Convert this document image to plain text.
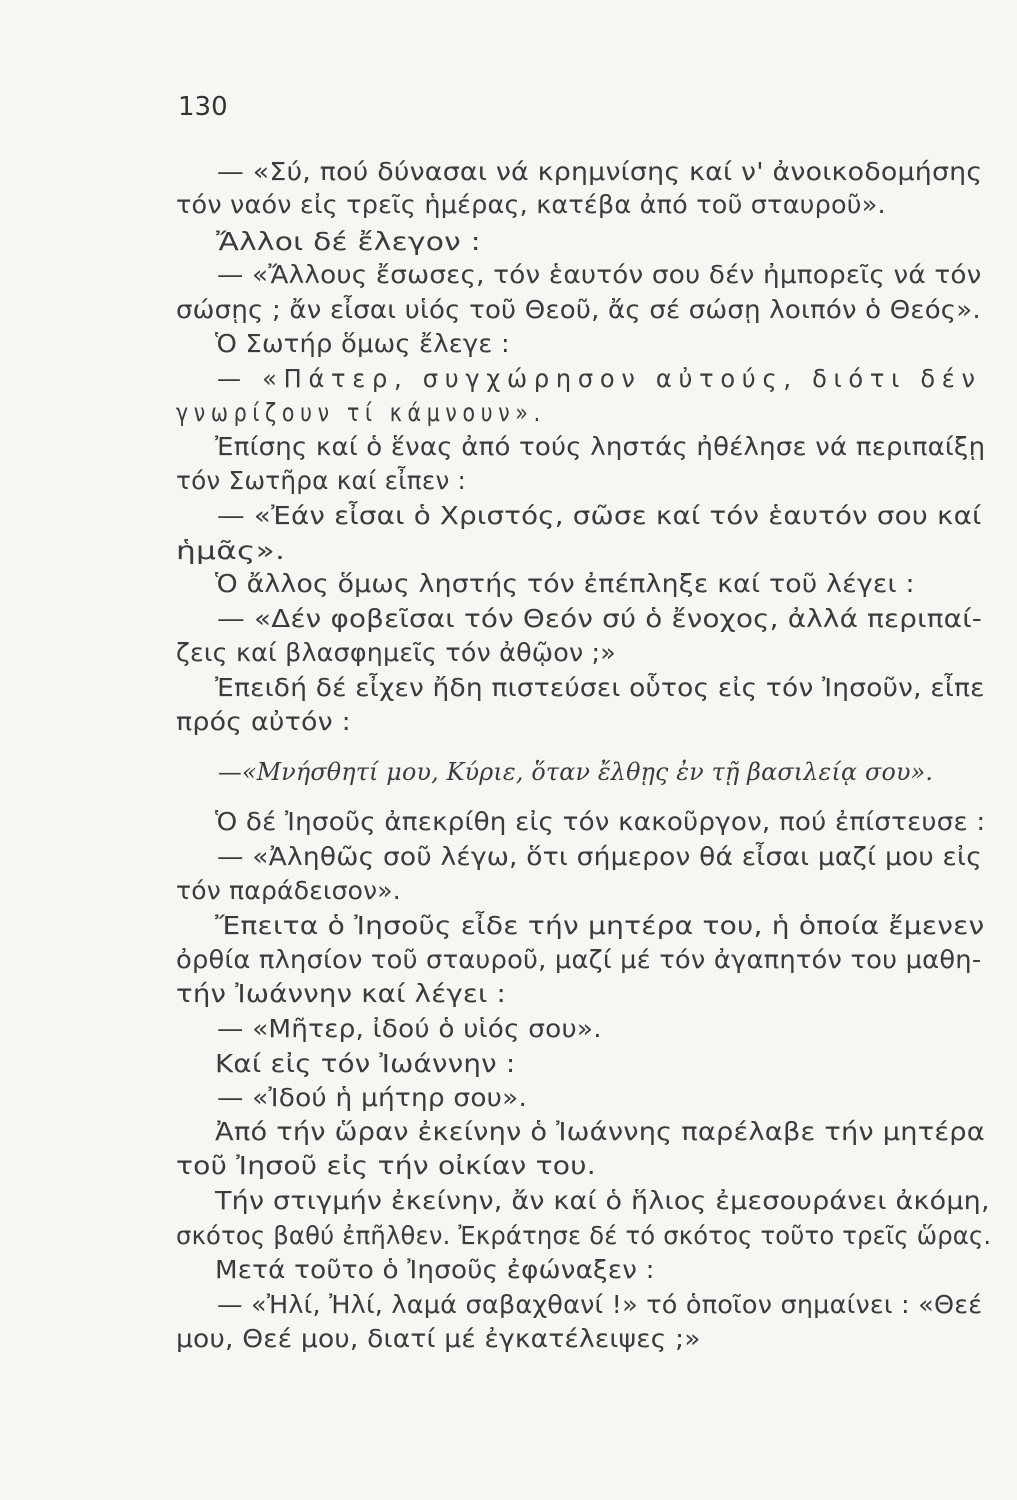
130
— «Σύ, πού δύνασαι νά κρημνίσης καί ν' ἀνοικοδομήσης
τόν ναόν εἰς τρεῖς ἡμέρας, κατέβα ἀπό τοῦ σταυροῦ».
Ἄλλοι δέ ἔλεγον :
— «Ἄλλους ἔσωσες, τόν ἑαυτόν σου δέν ἠμπορεῖς νά τόν
σώσῃς ; ἄν εἶσαι υἱός τοῦ Θεοῦ, ἄς σέ σώσῃ λοιπόν ὁ Θεός».
Ὁ Σωτήρ ὅμως ἔλεγε :
— «Πάτερ, συγχώρησον αὐτούς, διότι δέν
γνωρίζουν τί κάμνουν».
Ἐπίσης καί ὁ ἕνας ἀπό τούς ληστάς ἠθέλησε νά περιπαίξῃ
τόν Σωτῆρα καί εἶπεν :
— «Ἐάν εἶσαι ὁ Χριστός, σῶσε καί τόν ἑαυτόν σου καί
ἡμᾶς».
Ὁ ἄλλος ὅμως ληστής τόν ἐπέπληξε καί τοῦ λέγει :
— «Δέν φοβεῖσαι τόν Θεόν σύ ὁ ἔνοχος, ἀλλά περιπαί-
ζεις καί βλασφημεῖς τόν ἀθῷον ;»
Ἐπειδή δέ εἶχεν ἤδη πιστεύσει οὗτος εἰς τόν Ἰησοῦν, εἶπε
πρός αὐτόν :
—«Μνήσθητί μου, Κύριε, ὅταν ἔλθῃς ἐν τῇ βασιλείᾳ σου».
Ὁ δέ Ἰησοῦς ἀπεκρίθη εἰς τόν κακοῦργον, πού ἐπίστευσε :
— «Ἀληθῶς σοῦ λέγω, ὅτι σήμερον θά εἶσαι μαζί μου εἰς
τόν παράδεισον».
Ἔπειτα ὁ Ἰησοῦς εἶδε τήν μητέρα του, ἡ ὁποία ἔμενεν
ὀρθία πλησίον τοῦ σταυροῦ, μαζί μέ τόν ἀγαπητόν του μαθη-
τήν Ἰωάννην καί λέγει :
— «Μῆτερ, ἰδού ὁ υἱός σου».
Καί εἰς τόν Ἰωάννην :
— «Ἰδού ἡ μήτηρ σου».
Ἀπό τήν ὥραν ἐκείνην ὁ Ἰωάννης παρέλαβε τήν μητέρα
τοῦ Ἰησοῦ εἰς τήν οἰκίαν του.
Τήν στιγμήν ἐκείνην, ἄν καί ὁ ἥλιος ἐμεσουράνει ἀκόμη,
σκότος βαθύ ἐπῆλθεν. Ἐκράτησε δέ τό σκότος τοῦτο τρεῖς ὥρας.
Μετά τοῦτο ὁ Ἰησοῦς ἐφώναξεν :
— «Ἠλί, Ἠλί, λαμά σαβαχθανί !» τό ὁποῖον σημαίνει : «Θεέ
μου, Θεέ μου, διατί μέ ἐγκατέλειψες ;»
